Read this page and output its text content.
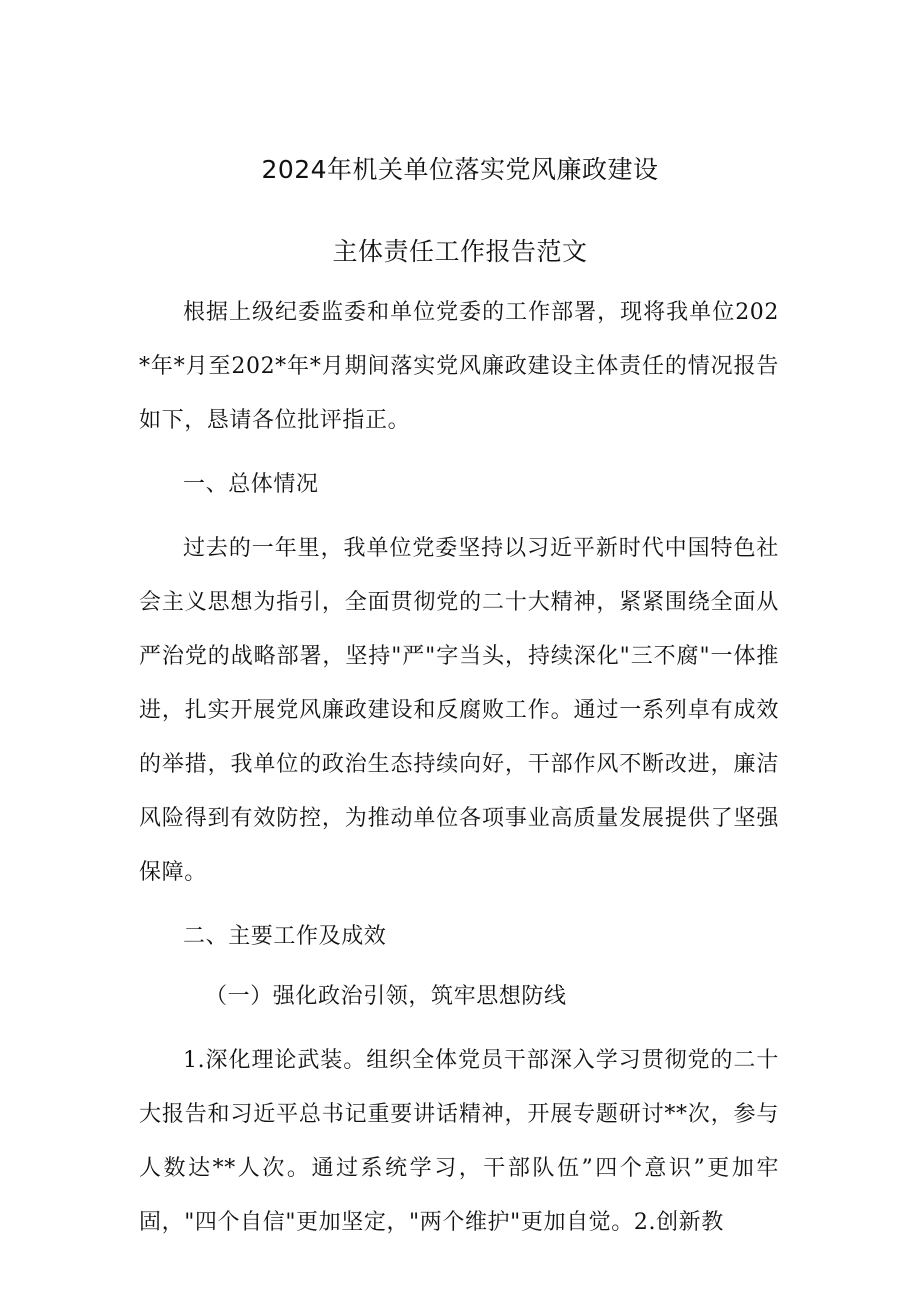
2024年机关单位落实党风廉政建设
主体责任工作报告范文

根据上级纪委监委和单位党委的工作部署，现将我单位202*年*月至202*年*月期间落实党风廉政建设主体责任的情况报告如下，恳请各位批评指正。

一、总体情况

过去的一年里，我单位党委坚持以习近平新时代中国特色社会主义思想为指引，全面贯彻党的二十大精神，紧紧围绕全面从严治党的战略部署，坚持"严"字当头，持续深化"三不腐"一体推进，扎实开展党风廉政建设和反腐败工作。通过一系列卓有成效的举措，我单位的政治生态持续向好，干部作风不断改进，廉洁风险得到有效防控，为推动单位各项事业高质量发展提供了坚强保障。

二、主要工作及成效

（一）强化政治引领，筑牢思想防线

1.深化理论武装。组织全体党员干部深入学习贯彻党的二十大报告和习近平总书记重要讲话精神，开展专题研讨**次，参与人数达**人次。通过系统学习，干部队伍”四个意识”更加牢固，"四个自信"更加坚定，"两个维护"更加自觉。2.创新教
